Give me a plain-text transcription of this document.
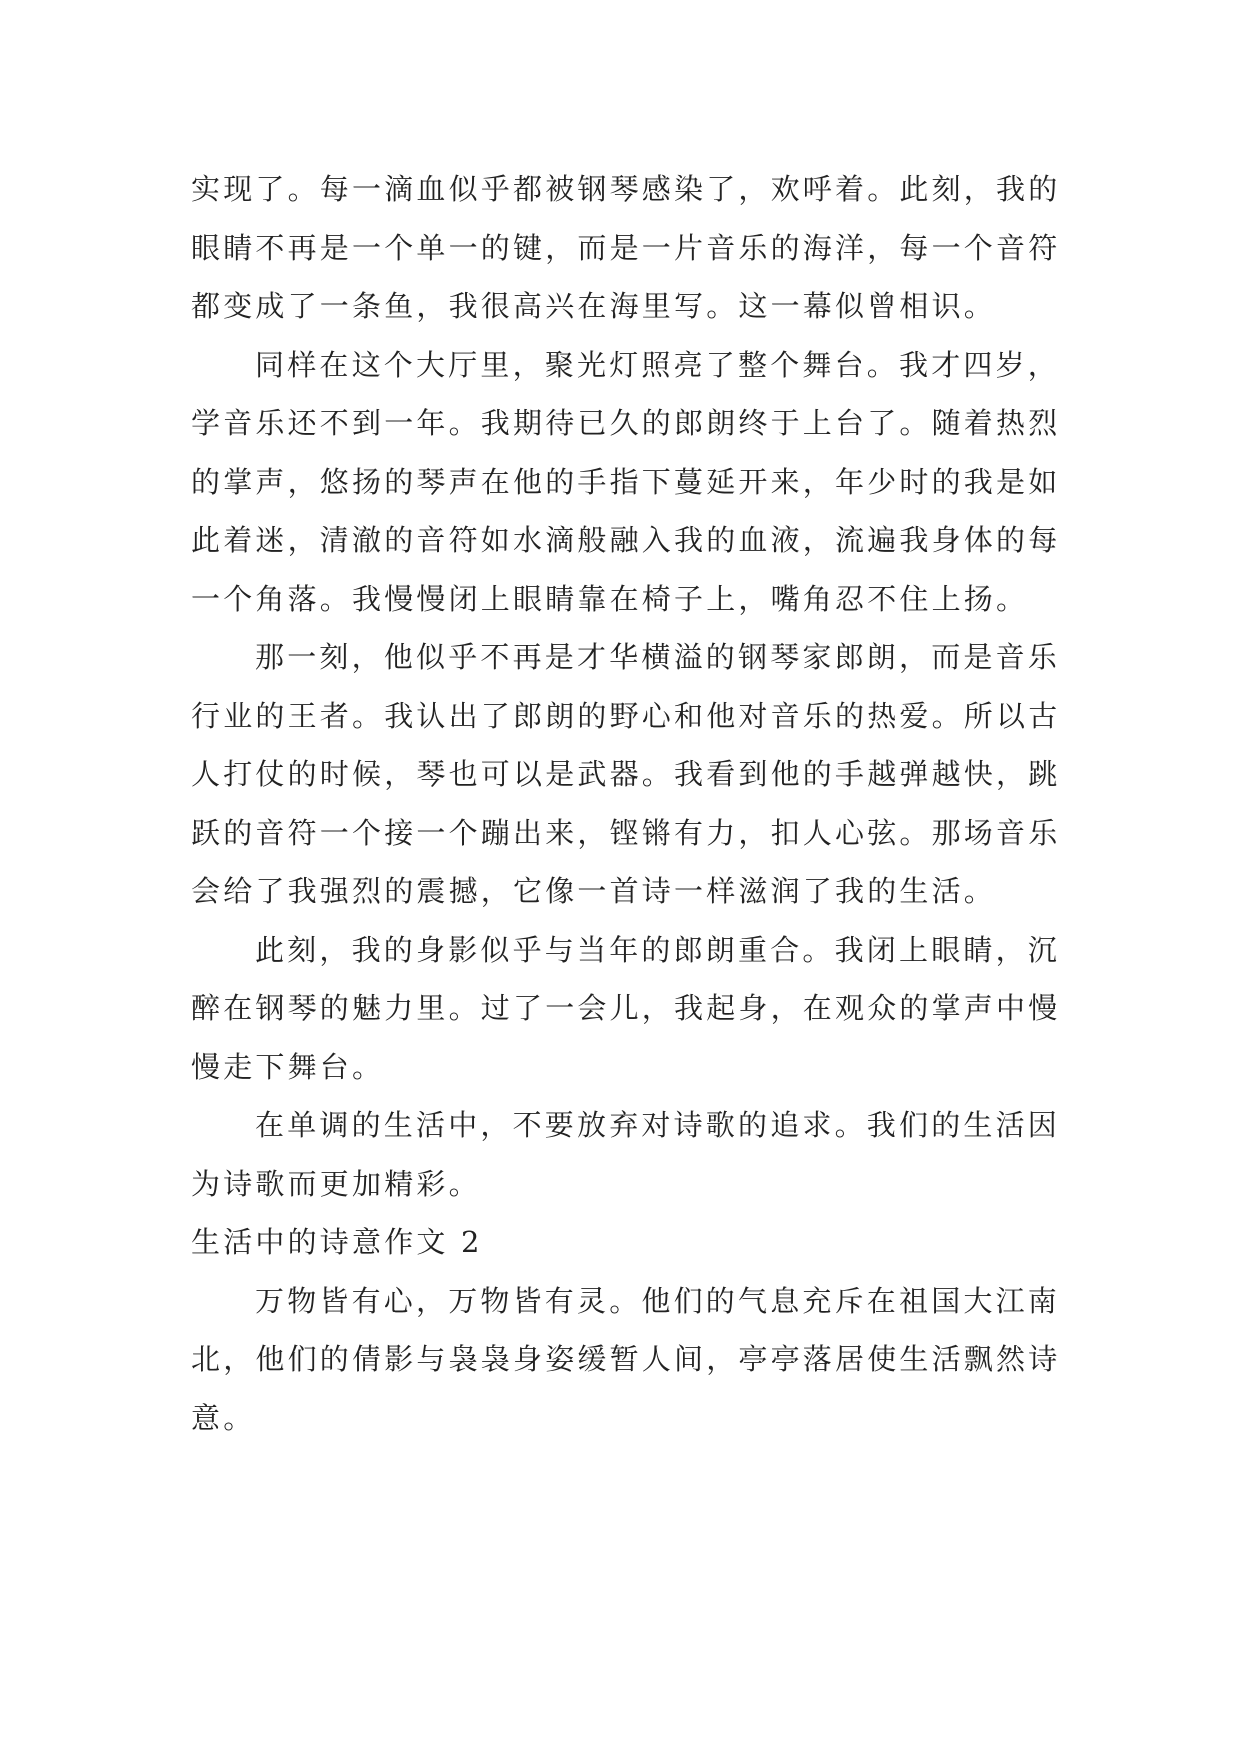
实现了。每一滴血似乎都被钢琴感染了，欢呼着。此刻，我的眼睛不再是一个单一的键，而是一片音乐的海洋，每一个音符都变成了一条鱼，我很高兴在海里写。这一幕似曾相识。

同样在这个大厅里，聚光灯照亮了整个舞台。我才四岁，学音乐还不到一年。我期待已久的郎朗终于上台了。随着热烈的掌声，悠扬的琴声在他的手指下蔓延开来，年少时的我是如此着迷，清澈的音符如水滴般融入我的血液，流遍我身体的每一个角落。我慢慢闭上眼睛靠在椅子上，嘴角忍不住上扬。

那一刻，他似乎不再是才华横溢的钢琴家郎朗，而是音乐行业的王者。我认出了郎朗的野心和他对音乐的热爱。所以古人打仗的时候，琴也可以是武器。我看到他的手越弹越快，跳跃的音符一个接一个蹦出来，铿锵有力，扣人心弦。那场音乐会给了我强烈的震撼，它像一首诗一样滋润了我的生活。

此刻，我的身影似乎与当年的郎朗重合。我闭上眼睛，沉醉在钢琴的魅力里。过了一会儿，我起身，在观众的掌声中慢慢走下舞台。

在单调的生活中，不要放弃对诗歌的追求。我们的生活因为诗歌而更加精彩。

生活中的诗意作文 2

万物皆有心，万物皆有灵。他们的气息充斥在祖国大江南北，他们的倩影与袅袅身姿缓暂人间，亭亭落居使生活飘然诗意。
